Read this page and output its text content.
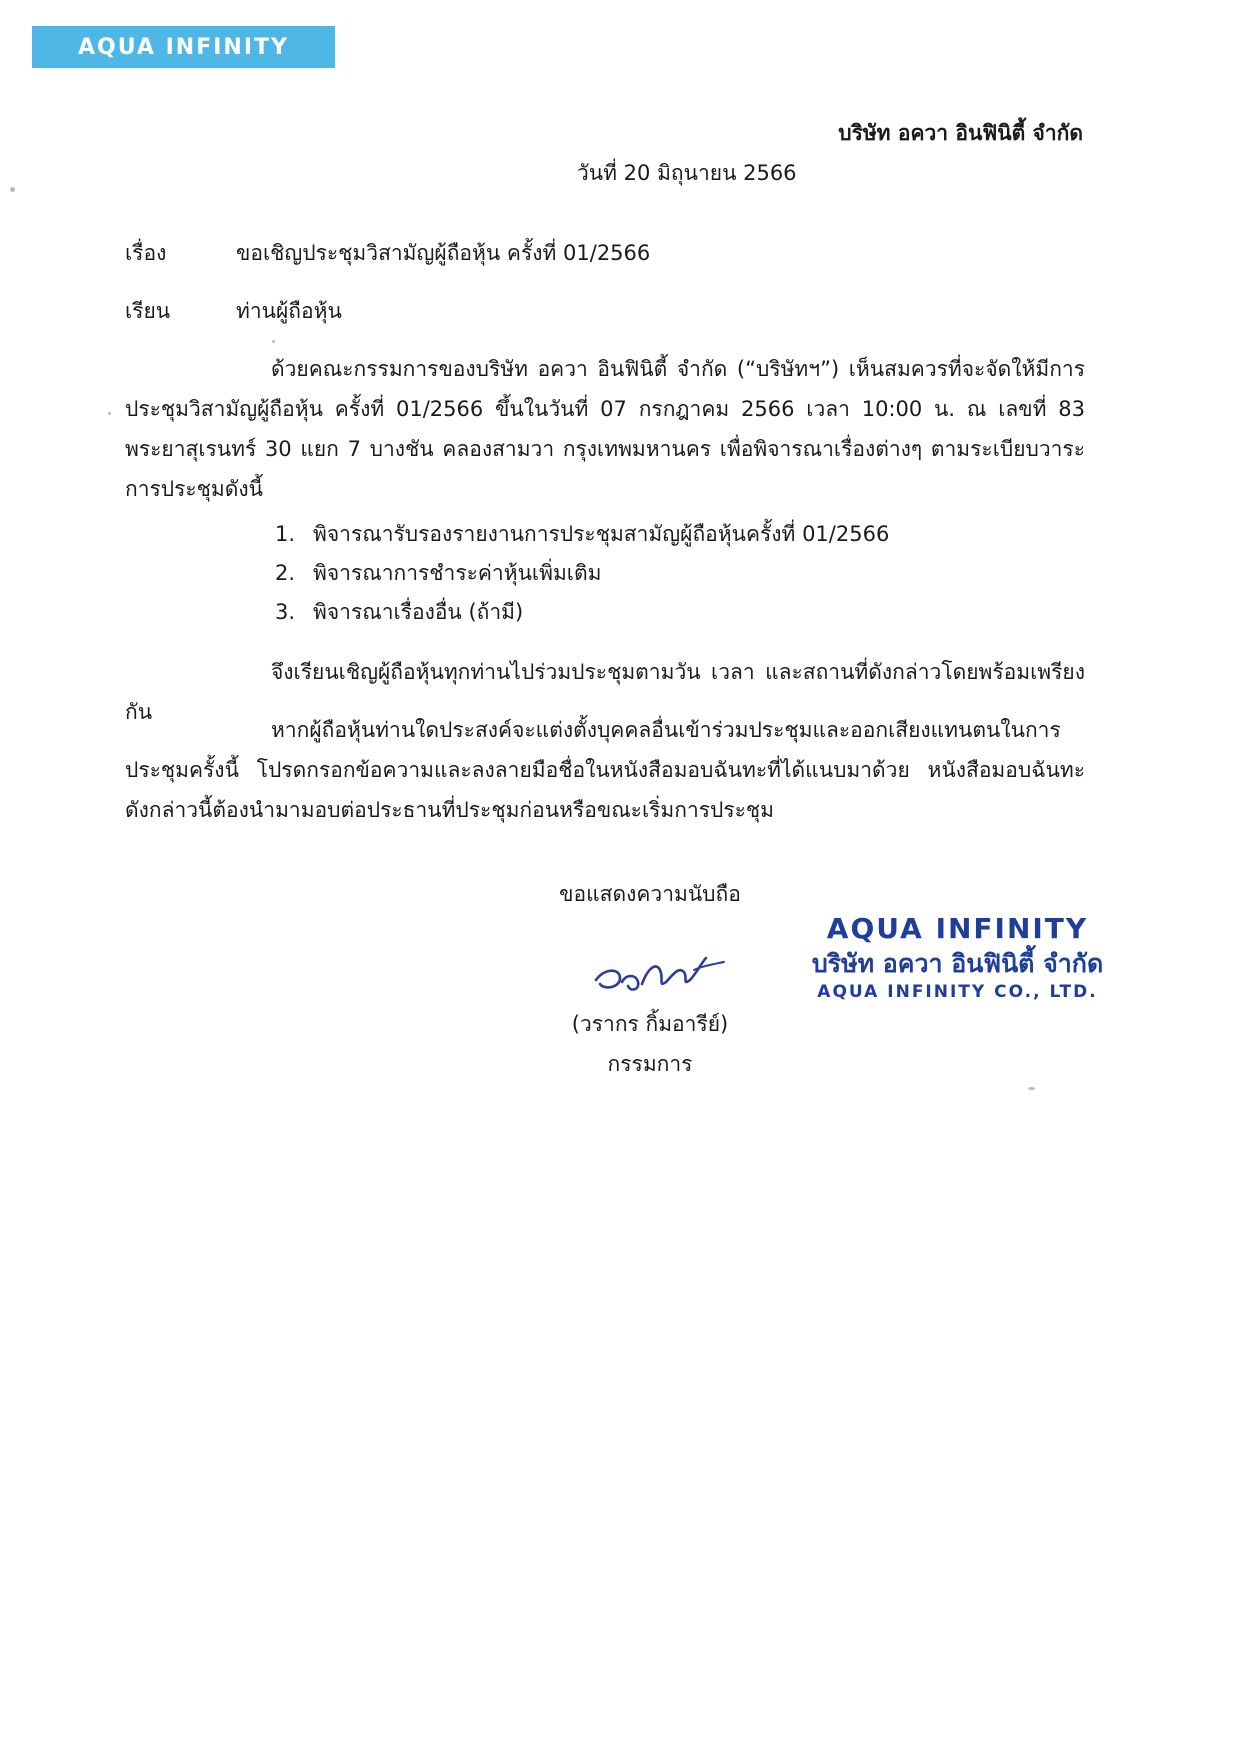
AQUA INFINITY
บริษัท อควา อินฟินิตี้ จำกัด
วันที่ 20 มิถุนายน 2566
เรื่อง	ขอเชิญประชุมวิสามัญผู้ถือหุ้น ครั้งที่ 01/2566
เรียน	ท่านผู้ถือหุ้น
ด้วยคณะกรรมการของบริษัท อควา อินฟินิตี้ จำกัด (“บริษัทฯ”) เห็นสมควรที่จะจัดให้มีการประชุมวิสามัญผู้ถือหุ้น ครั้งที่ 01/2566 ขึ้นในวันที่ 07 กรกฎาคม 2566 เวลา 10:00 น. ณ เลขที่ 83 พระยาสุเรนทร์ 30 แยก 7 บางชัน คลองสามวา กรุงเทพมหานคร เพื่อพิจารณาเรื่องต่างๆ ตามระเบียบวาระการประชุมดังนี้
1. พิจารณารับรองรายงานการประชุมสามัญผู้ถือหุ้นครั้งที่ 01/2566
2. พิจารณาการชำระค่าหุ้นเพิ่มเติม
3. พิจารณาเรื่องอื่น (ถ้ามี)
จึงเรียนเชิญผู้ถือหุ้นทุกท่านไปร่วมประชุมตามวัน เวลา และสถานที่ดังกล่าวโดยพร้อมเพรียงกัน
หากผู้ถือหุ้นท่านใดประสงค์จะแต่งตั้งบุคคลอื่นเข้าร่วมประชุมและออกเสียงแทนตนในการประชุมครั้งนี้ โปรดกรอกข้อความและลงลายมือชื่อในหนังสือมอบฉันทะที่ได้แนบมาด้วย หนังสือมอบฉันทะดังกล่าวนี้ต้องนำมามอบต่อประธานที่ประชุมก่อนหรือขณะเริ่มการประชุม
ขอแสดงความนับถือ
(วรากร กิ้มอารีย์)
กรรมการ
AQUA INFINITY
บริษัท อควา อินฟินิตี้ จำกัด
AQUA INFINITY CO., LTD.
